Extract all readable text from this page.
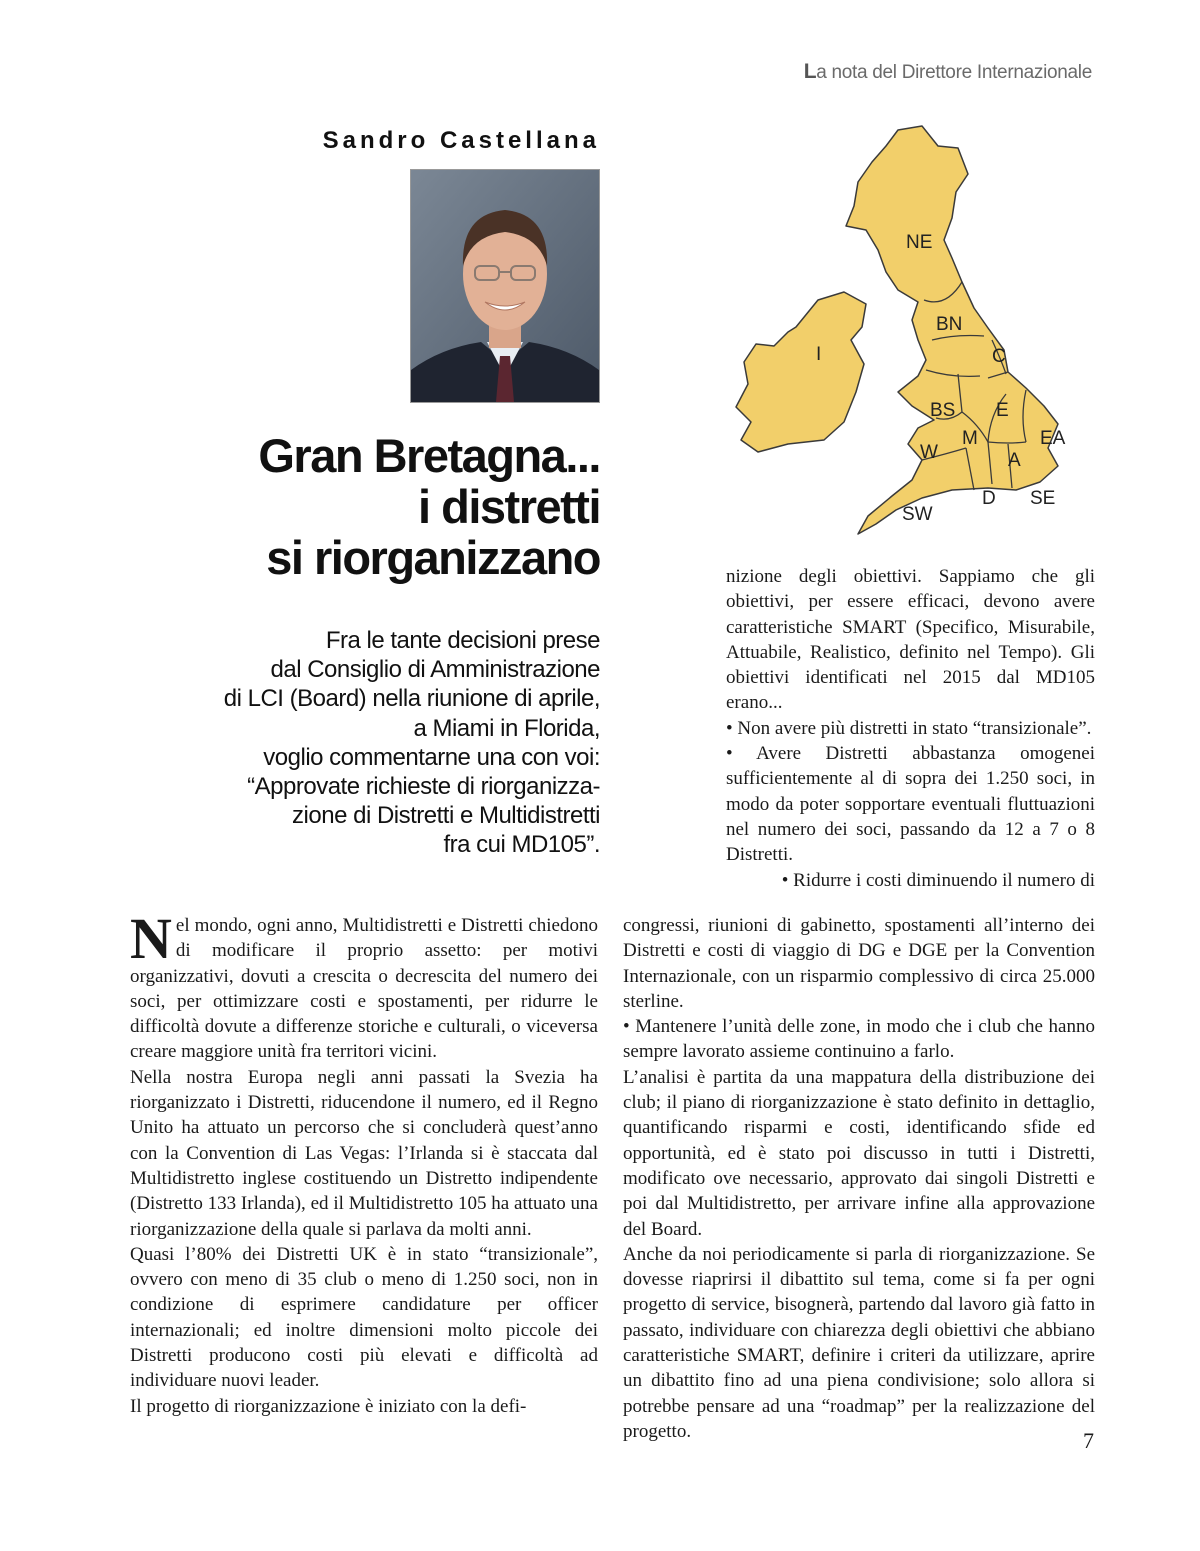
La nota del Direttore Internazionale
Sandro Castellana
Gran Bretagna...
i distretti
si riorganizzano
Fra le tante decisioni prese
dal Consiglio di Amministrazione
di LCI (Board) nella riunione di aprile,
a Miami in Florida,
voglio commentarne una con voi:
“Approvate richieste di riorganizza-
zione di Distretti e Multidistretti
fra cui MD105”.
I
NE
BN
C
BS E
M
W
EA
A
D SE
SW

Nel mondo, ogni anno, Multidistretti e Distretti chiedono di modificare il proprio assetto: per motivi organizzativi, dovuti a crescita o decrescita del numero dei soci, per ottimizzare costi e spostamenti, per ridurre le difficoltà dovute a differenze storiche e culturali, o viceversa creare maggiore unità fra territori vicini.

Nella nostra Europa negli anni passati la Svezia ha riorganizzato i Distretti, riducendone il numero, ed il Regno Unito ha attuato un percorso che si concluderà quest’anno con la Convention di Las Vegas: l’Irlanda si è staccata dal Multidistretto inglese costituendo un Distretto indipendente (Distretto 133 Irlanda), ed il Multidistretto 105 ha attuato una riorganizzazione della quale si parlava da molti anni.

Quasi l’80% dei Distretti UK è in stato “transizionale”, ovvero con meno di 35 club o meno di 1.250 soci, non in condizione di esprimere candidature per officer internazionali; ed inoltre dimensioni molto piccole dei Distretti producono costi più elevati e difficoltà ad individuare nuovi leader.

Il progetto di riorganizzazione è iniziato con la defi-

nizione degli obiettivi. Sappiamo che gli obiettivi, per essere efficaci, devono avere caratteristiche SMART (Specifico, Misurabile, Attuabile, Realistico, definito nel Tempo). Gli obiettivi identificati nel 2015 dal MD105 erano...

• Non avere più distretti in stato “transizionale”.

• Avere Distretti abbastanza omogenei sufficientemente al di sopra dei 1.250 soci, in modo da poter sopportare eventuali fluttuazioni nel numero dei soci, passando da 12 a 7 o 8 Distretti.

• Ridurre i costi diminuendo il numero di

congressi, riunioni di gabinetto, spostamenti all’interno dei Distretti e costi di viaggio di DG e DGE per la Convention Internazionale, con un risparmio complessivo di circa 25.000 sterline.

• Mantenere l’unità delle zone, in modo che i club che hanno sempre lavorato assieme continuino a farlo.

L’analisi è partita da una mappatura della distribuzione dei club; il piano di riorganizzazione è stato definito in dettaglio, quantificando risparmi e costi, identificando sfide ed opportunità, ed è stato poi discusso in tutti i Distretti, modificato ove necessario, approvato dai singoli Distretti e poi dal Multidistretto, per arrivare infine alla approvazione del Board.

Anche da noi periodicamente si parla di riorganizzazione. Se dovesse riaprirsi il dibattito sul tema, come si fa per ogni progetto di service, bisognerà, partendo dal lavoro già fatto in passato, individuare con chiarezza degli obiettivi che abbiano caratteristiche SMART, definire i criteri da utilizzare, aprire un dibattito fino ad una piena condivisione; solo allora si potrebbe pensare ad una “roadmap” per la realizzazione del progetto.	7
